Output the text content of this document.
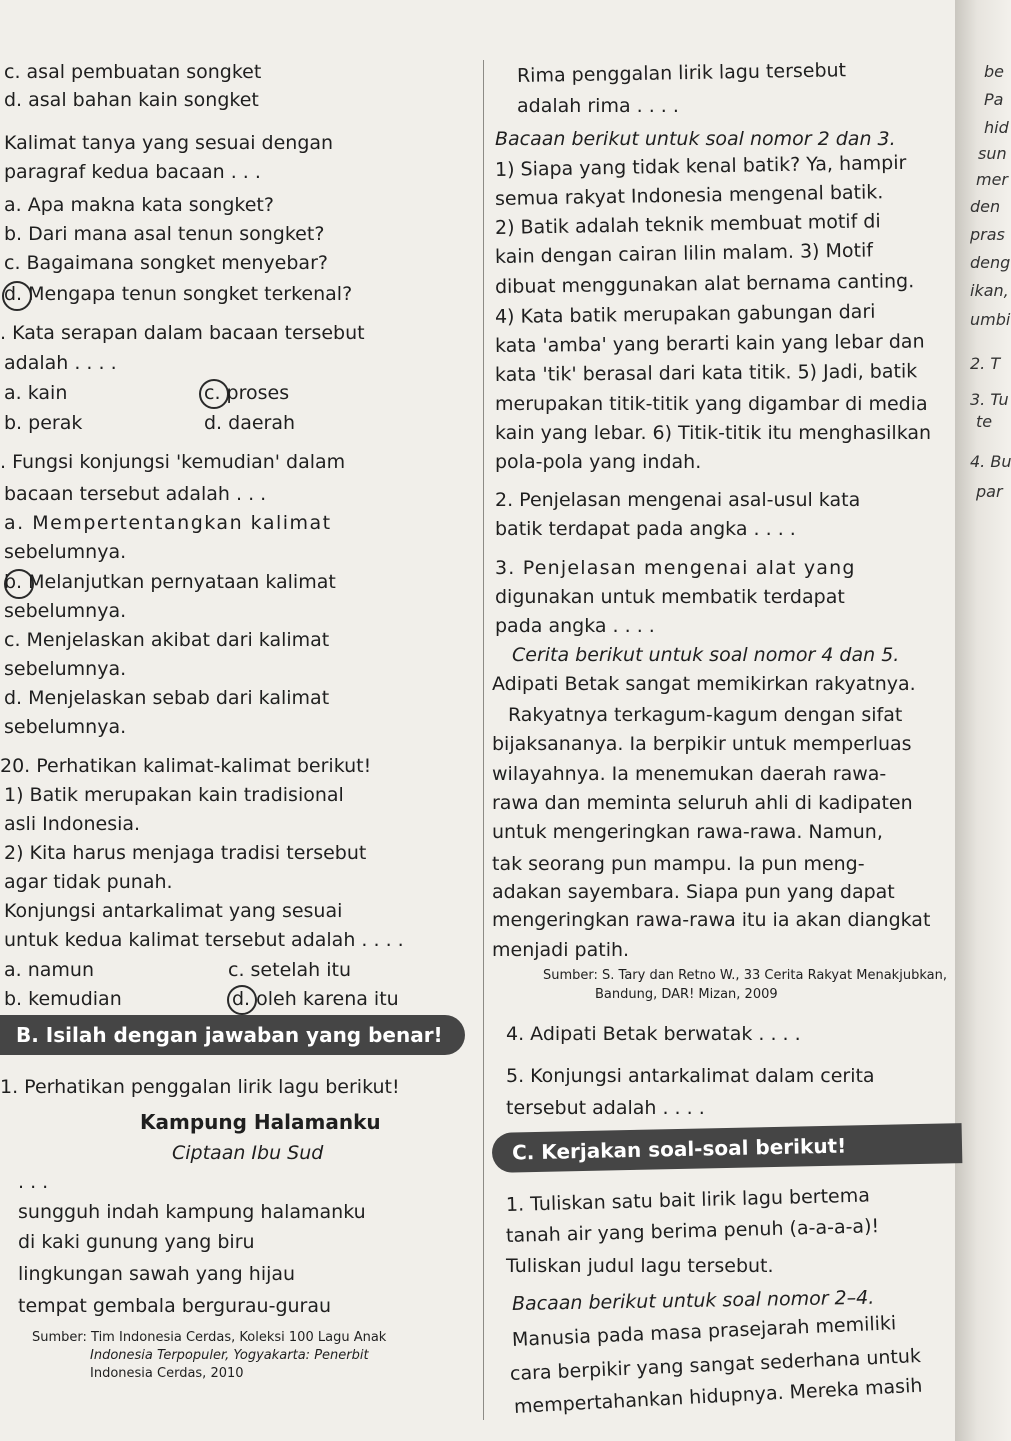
c. asal pembuatan songket
d. asal bahan kain songket
Kalimat tanya yang sesuai dengan
paragraf kedua bacaan . . .
a. Apa makna kata songket?
b. Dari mana asal tenun songket?
c. Bagaimana songket menyebar?
d. Mengapa tenun songket terkenal?
. Kata serapan dalam bacaan tersebut
adalah . . . .
a. kain	c. proses
b. perak	d. daerah
. Fungsi konjungsi 'kemudian' dalam
bacaan tersebut adalah . . .
a. Mempertentangkan kalimat
sebelumnya.
b. Melanjutkan pernyataan kalimat
sebelumnya.
c. Menjelaskan akibat dari kalimat
sebelumnya.
d. Menjelaskan sebab dari kalimat
sebelumnya.
20. Perhatikan kalimat-kalimat berikut!
1) Batik merupakan kain tradisional
asli Indonesia.
2) Kita harus menjaga tradisi tersebut
agar tidak punah.
Konjungsi antarkalimat yang sesuai
untuk kedua kalimat tersebut adalah . . . .
a. namun	c. setelah itu
b. kemudian	d. oleh karena itu
B. Isilah dengan jawaban yang benar!
1. Perhatikan penggalan lirik lagu berikut!
Kampung Halamanku
Ciptaan Ibu Sud
. . .
sungguh indah kampung halamanku
di kaki gunung yang biru
lingkungan sawah yang hijau
tempat gembala bergurau-gurau
Sumber: Tim Indonesia Cerdas, Koleksi 100 Lagu Anak
Indonesia Terpopuler, Yogyakarta: Penerbit
Indonesia Cerdas, 2010
Rima penggalan lirik lagu tersebut
adalah rima . . . .
Bacaan berikut untuk soal nomor 2 dan 3.
1) Siapa yang tidak kenal batik? Ya, hampir
semua rakyat Indonesia mengenal batik.
2) Batik adalah teknik membuat motif di
kain dengan cairan lilin malam. 3) Motif
dibuat menggunakan alat bernama canting.
4) Kata batik merupakan gabungan dari
kata 'amba' yang berarti kain yang lebar dan
kata 'tik' berasal dari kata titik. 5) Jadi, batik
merupakan titik-titik yang digambar di media
kain yang lebar. 6) Titik-titik itu menghasilkan
pola-pola yang indah.
2. Penjelasan mengenai asal-usul kata
batik terdapat pada angka . . . .
3. Penjelasan mengenai alat yang
digunakan untuk membatik terdapat
pada angka . . . .
Cerita berikut untuk soal nomor 4 dan 5.
Adipati Betak sangat memikirkan rakyatnya.
Rakyatnya terkagum-kagum dengan sifat
bijaksananya. Ia berpikir untuk memperluas
wilayahnya. Ia menemukan daerah rawa-
rawa dan meminta seluruh ahli di kadipaten
untuk mengeringkan rawa-rawa. Namun,
tak seorang pun mampu. Ia pun meng-
adakan sayembara. Siapa pun yang dapat
mengeringkan rawa-rawa itu ia akan diangkat
menjadi patih.
Sumber: S. Tary dan Retno W., 33 Cerita Rakyat Menakjubkan,
Bandung, DAR! Mizan, 2009
4. Adipati Betak berwatak . . . .
5. Konjungsi antarkalimat dalam cerita
tersebut adalah . . . .
C. Kerjakan soal-soal berikut!
1. Tuliskan satu bait lirik lagu bertema
tanah air yang berima penuh (a-a-a-a)!
Tuliskan judul lagu tersebut.
Bacaan berikut untuk soal nomor 2–4.
Manusia pada masa prasejarah memiliki
cara berpikir yang sangat sederhana untuk
mempertahankan hidupnya. Mereka masih
be
Pa
hid
sun
mer
den
pras
deng
ikan,
umbi
2. T
3. Tu
te
4. Bu
par
